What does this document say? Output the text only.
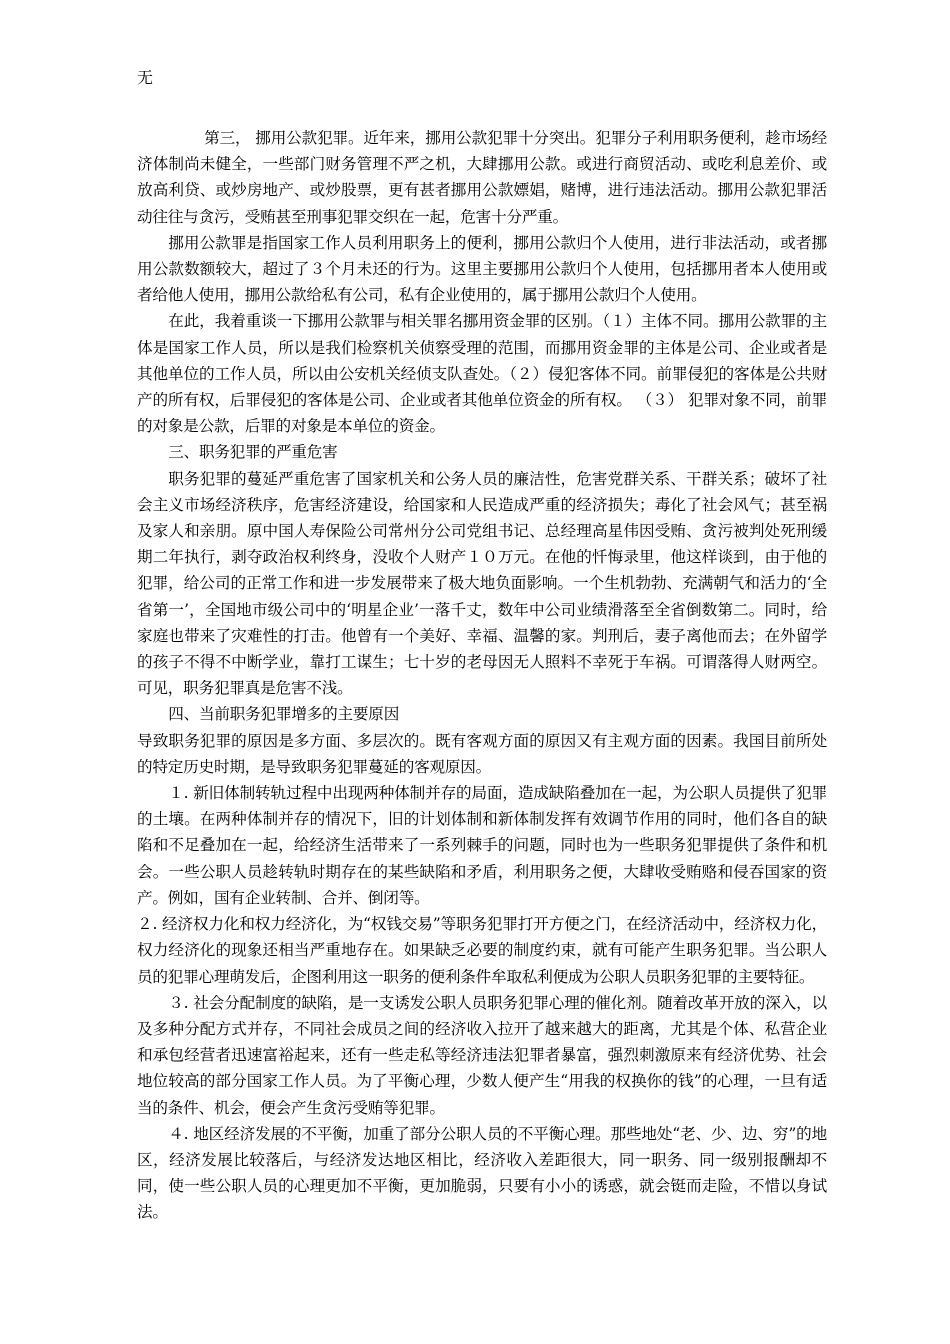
无

第三， 挪用公款犯罪。近年来，挪用公款犯罪十分突出。犯罪分子利用职务便利，趁市场经济体制尚未健全，一些部门财务管理不严之机，大肆挪用公款。或进行商贸活动、或吃利息差价、或放高利贷、或炒房地产、或炒股票，更有甚者挪用公款嫖娼，赌博，进行违法活动。挪用公款犯罪活动往往与贪污，受贿甚至刑事犯罪交织在一起，危害十分严重。

挪用公款罪是指国家工作人员利用职务上的便利，挪用公款归个人使用，进行非法活动，或者挪用公款数额较大，超过了３个月未还的行为。这里主要挪用公款归个人使用，包括挪用者本人使用或者给他人使用，挪用公款给私有公司，私有企业使用的，属于挪用公款归个人使用。

在此，我着重谈一下挪用公款罪与相关罪名挪用资金罪的区别。（１）主体不同。挪用公款罪的主体是国家工作人员，所以是我们检察机关侦察受理的范围，而挪用资金罪的主体是公司、企业或者是其他单位的工作人员，所以由公安机关经侦支队查处。（２）侵犯客体不同。前罪侵犯的客体是公共财产的所有权，后罪侵犯的客体是公司、企业或者其他单位资金的所有权。 （３） 犯罪对象不同，前罪的对象是公款，后罪的对象是本单位的资金。

三、职务犯罪的严重危害

职务犯罪的蔓延严重危害了国家机关和公务人员的廉洁性，危害党群关系、干群关系；破坏了社会主义市场经济秩序，危害经济建设，给国家和人民造成严重的经济损失；毒化了社会风气；甚至祸及家人和亲朋。原中国人寿保险公司常州分公司党组书记、总经理高星伟因受贿、贪污被判处死刑缓期二年执行，剥夺政治权利终身，没收个人财产１０万元。在他的忏悔录里，他这样谈到，由于他的犯罪，给公司的正常工作和进一步发展带来了极大地负面影响。一个生机勃勃、充满朝气和活力的‘全省第一’，全国地市级公司中的‘明星企业’一落千丈，数年中公司业绩滑落至全省倒数第二。同时，给家庭也带来了灾难性的打击。他曾有一个美好、幸福、温馨的家。判刑后，妻子离他而去；在外留学的孩子不得不中断学业，靠打工谋生；七十岁的老母因无人照料不幸死于车祸。可谓落得人财两空。可见，职务犯罪真是危害不浅。

四、当前职务犯罪增多的主要原因

导致职务犯罪的原因是多方面、多层次的。既有客观方面的原因又有主观方面的因素。我国目前所处的特定历史时期，是导致职务犯罪蔓延的客观原因。

１. 新旧体制转轨过程中出现两种体制并存的局面，造成缺陷叠加在一起，为公职人员提供了犯罪的土壤。在两种体制并存的情况下，旧的计划体制和新体制发挥有效调节作用的同时，他们各自的缺陷和不足叠加在一起，给经济生活带来了一系列棘手的问题，同时也为一些职务犯罪提供了条件和机会。一些公职人员趁转轨时期存在的某些缺陷和矛盾，利用职务之便，大肆收受贿赂和侵吞国家的资产。例如，国有企业转制、合并、倒闭等。

２. 经济权力化和权力经济化，为“权钱交易”等职务犯罪打开方便之门，在经济活动中，经济权力化，权力经济化的现象还相当严重地存在。如果缺乏必要的制度约束，就有可能产生职务犯罪。当公职人员的犯罪心理萌发后，企图利用这一职务的便利条件牟取私利便成为公职人员职务犯罪的主要特征。

３. 社会分配制度的缺陷，是一支诱发公职人员职务犯罪心理的催化剂。随着改革开放的深入，以及多种分配方式并存，不同社会成员之间的经济收入拉开了越来越大的距离，尤其是个体、私营企业和承包经营者迅速富裕起来，还有一些走私等经济违法犯罪者暴富，强烈刺激原来有经济优势、社会地位较高的部分国家工作人员。为了平衡心理，少数人便产生“用我的权换你的钱”的心理，一旦有适当的条件、机会，便会产生贪污受贿等犯罪。

４. 地区经济发展的不平衡，加重了部分公职人员的不平衡心理。那些地处“老、少、边、穷”的地区，经济发展比较落后，与经济发达地区相比，经济收入差距很大，同一职务、同一级别报酬却不同，使一些公职人员的心理更加不平衡，更加脆弱，只要有小小的诱惑，就会铤而走险，不惜以身试法。
